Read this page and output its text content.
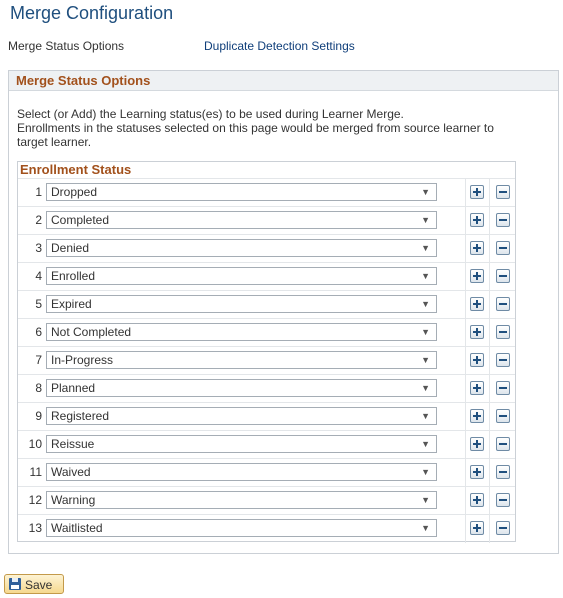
Merge Configuration
Merge Status Options	Duplicate Detection Settings
Merge Status Options
Select (or Add) the Learning status(es) to be used during Learner Merge.
Enrollments in the statuses selected on this page would be merged from source learner to
target learner.
Enrollment Status
1 Dropped	▼
2 Completed	▼
3 Denied	▼
4 Enrolled	▼
5 Expired	▼
6 Not Completed	▼
7 In-Progress	▼
8 Planned	▼
9 Registered	▼
10 Reissue	▼
11 Waived	▼
12 Warning	▼
13 Waitlisted	▼
Save
